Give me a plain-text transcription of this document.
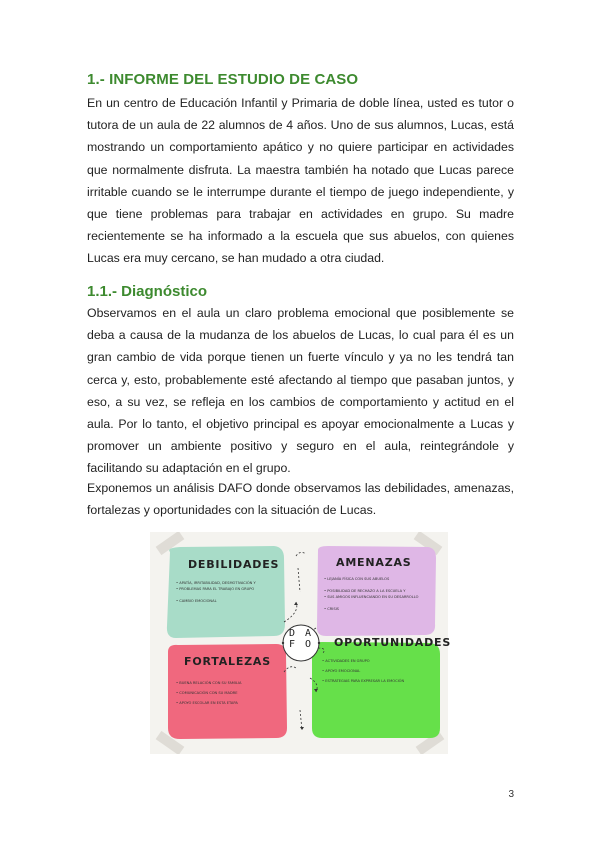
1.- INFORME DEL ESTUDIO DE CASO

En un centro de Educación Infantil y Primaria de doble línea, usted es tutor o tutora de un aula de 22 alumnos de 4 años. Uno de sus alumnos, Lucas, está mostrando un comportamiento apático y no quiere participar en actividades que normalmente disfruta. La maestra también ha notado que Lucas parece irritable cuando se le interrumpe durante el tiempo de juego independiente, y que tiene problemas para trabajar en actividades en grupo. Su madre recientemente se ha informado a la escuela que sus abuelos, con quienes Lucas era muy cercano, se han mudado a otra ciudad.

1.1.- Diagnóstico

Observamos en el aula un claro problema emocional que posiblemente se deba a causa de la mudanza de los abuelos de Lucas, lo cual para él es un gran cambio de vida porque tienen un fuerte vínculo y ya no les tendrá tan cerca y, esto, probablemente esté afectando al tiempo que pasaban juntos, y eso, a su vez, se refleja en los cambios de comportamiento y actitud en el aula. Por lo tanto, el objetivo principal es apoyar emocionalmente a Lucas y promover un ambiente positivo y seguro en el aula, reintegrándole y facilitando su adaptación en el grupo.

Exponemos un análisis DAFO donde observamos las debilidades, amenazas, fortalezas y oportunidades con la situación de Lucas.

D A
F O
DEBILIDADES
• APATÍA, IRRITABILIDAD, DESMOTIVACIÓN Y
• PROBLEMAS PARA EL TRABAJO EN GRUPO

• CAMBIO EMOCIONAL
AMENAZAS
• LEJANÍA FÍSICA CON SUS ABUELOS

• POSIBILIDAD DE RECHAZO A LA ESCUELA Y
• SUS AMIGOS INFLUENCIANDO EN SU DESARROLLO

• CRISIS
FORTALEZAS
• BUENA RELACIÓN CON SU FAMILIA
• COMUNICACIÓN CON SU MADRE
• APOYO ESCOLAR EN ESTA ETAPA
OPORTUNIDADES
• ACTIVIDADES EN GRUPO
• APOYO EMOCIONAL
• ESTRATEGIAS PARA EXPRESAR LA EMOCIÓN
3
